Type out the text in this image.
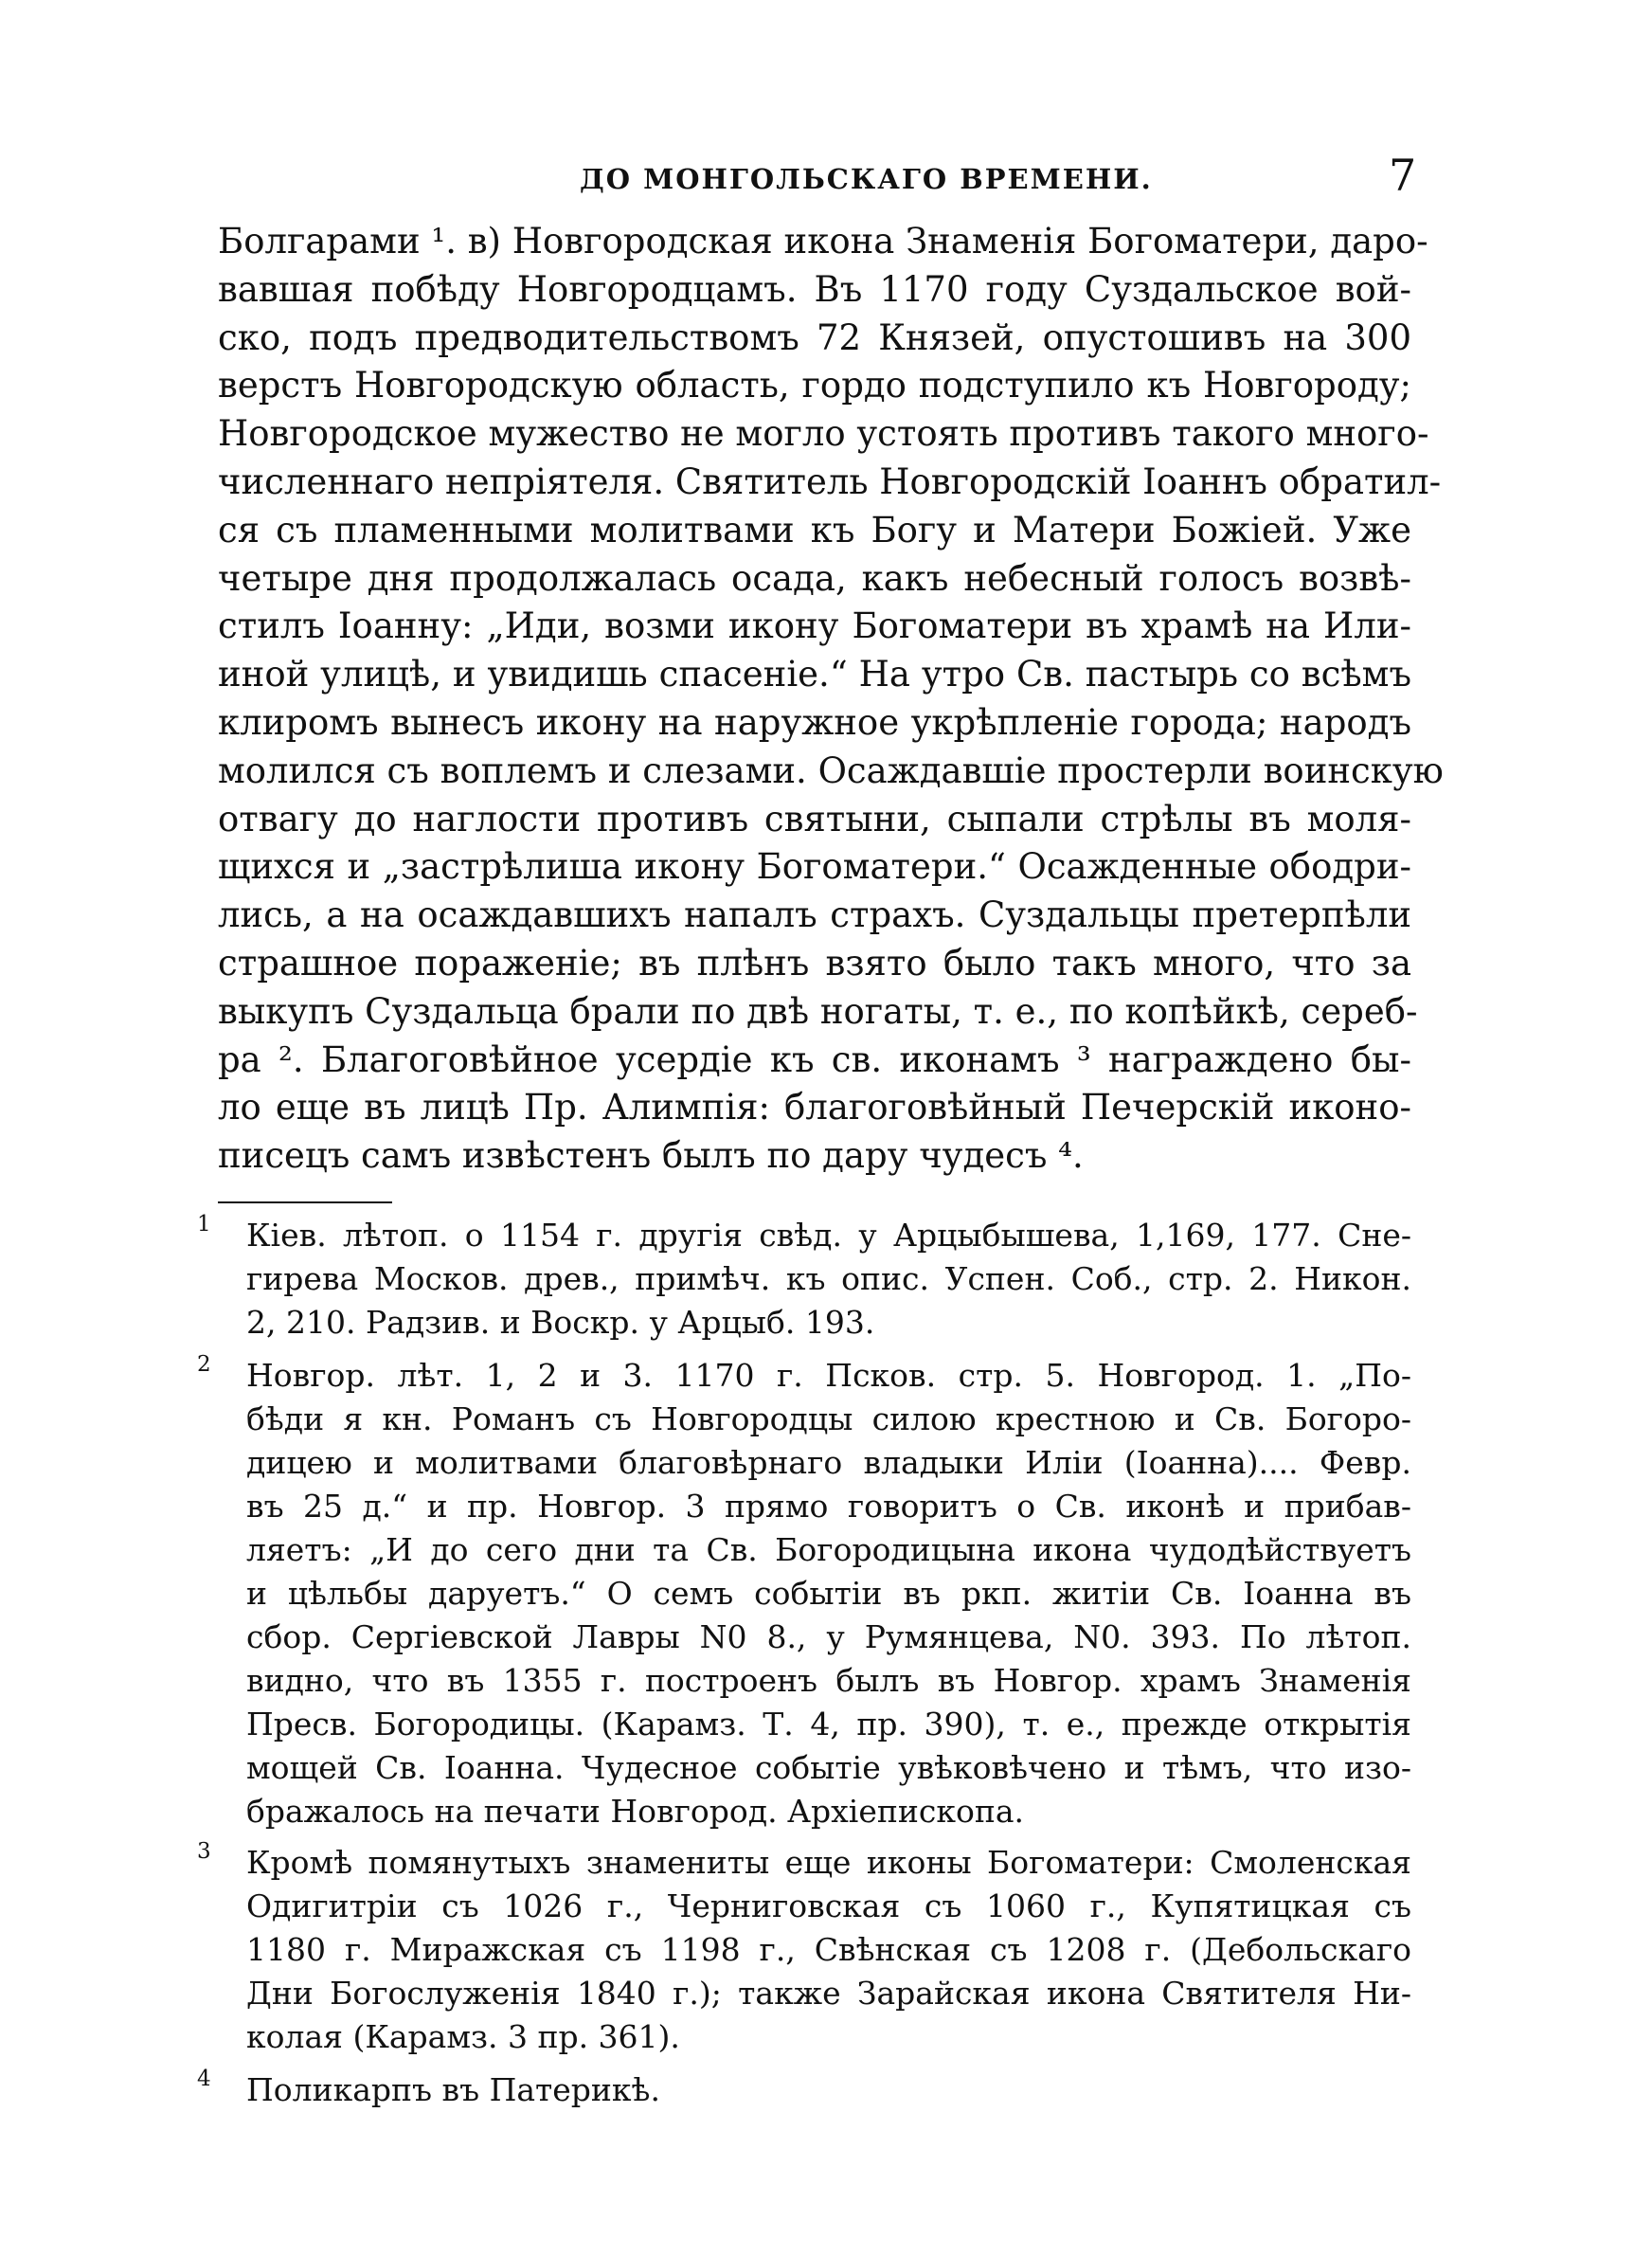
ДО МОНГОЛЬСКАГО ВРЕМЕНИ.	7
Болгарами ¹. в) Новгородская икона Знаменія Богоматери, даро-
вавшая побѣду Новгородцамъ. Въ 1170 году Суздальское вой-
ско, подъ предводительствомъ 72 Князей, опустошивъ на 300
верстъ Новгородскую область, гордо подступило къ Новгороду;
Новгородское мужество не могло устоять противъ такого много-
численнаго непріятеля. Святитель Новгородскій Іоаннъ обратил-
ся съ пламенными молитвами къ Богу и Матери Божіей. Уже
четыре дня продолжалась осада, какъ небесный голосъ возвѣ-
стилъ Іоанну: „Иди, возми икону Богоматери въ храмѣ на Или-
иной улицѣ, и увидишь спасеніе.“ На утро Св. пастырь со всѣмъ
клиромъ вынесъ икону на наружное укрѣпленіе города; народъ
молился съ воплемъ и слезами. Осаждавшіе простерли воинскую
отвагу до наглости противъ святыни, сыпали стрѣлы въ моля-
щихся и „застрѣлиша икону Богоматери.“ Осажденные ободри-
лись, а на осаждавшихъ напалъ страхъ. Суздальцы претерпѣли
страшное пораженіе; въ плѣнъ взято было такъ много, что за
выкупъ Суздальца брали по двѣ ногаты, т. е., по копѣйкѣ, сереб-
ра ². Благоговѣйное усердіе къ св. иконамъ ³ награждено бы-
ло еще въ лицѣ Пр. Алимпія: благоговѣйный Печерскій иконо-
писецъ самъ извѣстенъ былъ по дару чудесъ ⁴.
1 Кіев. лѣтоп. о 1154 г. другія свѣд. у Арцыбышева, 1,169, 177. Сне-
гирева Москов. древ., примѣч. къ опис. Успен. Соб., стр. 2. Никон.
2, 210. Радзив. и Воскр. у Арцыб. 193.
2 Новгор. лѣт. 1, 2 и 3. 1170 г. Псков. стр. 5. Новгород. 1. „По-
бѣди я кн. Романъ съ Новгородцы силою крестною и Св. Богоро-
дицею и молитвами благовѣрнаго владыки Иліи (Іоанна).... Февр.
въ 25 д.“ и пр. Новгор. 3 прямо говоритъ о Св. иконѣ и прибав-
ляетъ: „И до сего дни та Св. Богородицына икона чудодѣйствуетъ
и цѣльбы даруетъ.“ О семъ событіи въ ркп. житіи Св. Іоанна въ
сбор. Сергіевской Лавры N0 8., у Румянцева, N0. 393. По лѣтоп.
видно, что въ 1355 г. построенъ былъ въ Новгор. храмъ Знаменія
Пресв. Богородицы. (Карамз. Т. 4, пр. 390), т. е., прежде открытія
мощей Св. Іоанна. Чудесное событіе увѣковѣчено и тѣмъ, что изо-
бражалось на печати Новгород. Архіепископа.
3 Кромѣ помянутыхъ знамениты еще иконы Богоматери: Смоленская
Одигитріи съ 1026 г., Черниговская съ 1060 г., Купятицкая съ
1180 г. Миражская съ 1198 г., Свѣнская съ 1208 г. (Дебольскаго
Дни Богослуженія 1840 г.); также Зарайская икона Святителя Ни-
колая (Карамз. 3 пр. 361).
4 Поликарпъ въ Патерикѣ.
